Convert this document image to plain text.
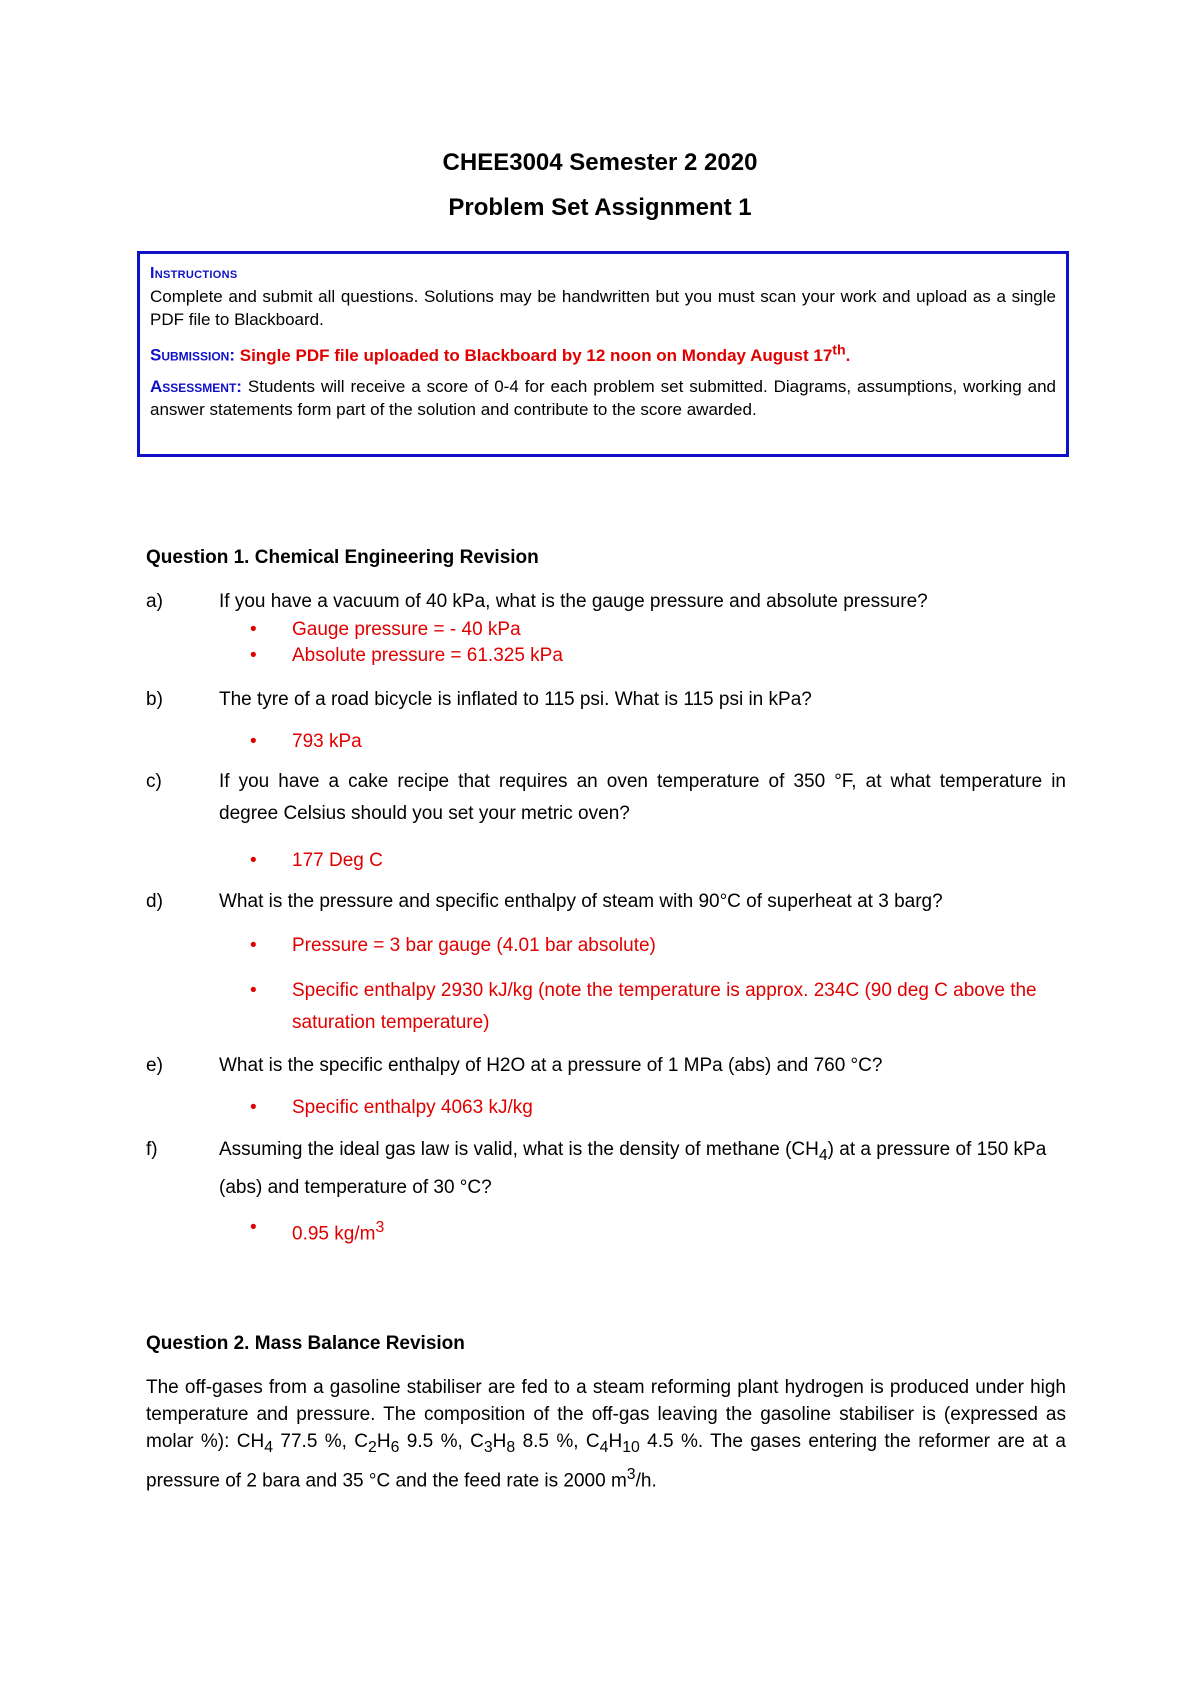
CHEE3004 Semester 2 2020
Problem Set Assignment 1
Instructions

Complete and submit all questions. Solutions may be handwritten but you must scan your work and upload as a single PDF file to Blackboard.

Submission: Single PDF file uploaded to Blackboard by 12 noon on Monday August 17th.

Assessment: Students will receive a score of 0-4 for each problem set submitted. Diagrams, assumptions, working and answer statements form part of the solution and contribute to the score awarded.

Question 1. Chemical Engineering Revision
a)	If you have a vacuum of 40 kPa, what is the gauge pressure and absolute pressure?
• Gauge pressure = - 40 kPa
• Absolute pressure = 61.325 kPa
b)	The tyre of a road bicycle is inflated to 115 psi. What is 115 psi in kPa?
• 793 kPa
c)	If you have a cake recipe that requires an oven temperature of 350 °F, at what temperature in degree Celsius should you set your metric oven?
• 177 Deg C
d)	What is the pressure and specific enthalpy of steam with 90°C of superheat at 3 barg?
• Pressure = 3 bar gauge (4.01 bar absolute)
• Specific enthalpy 2930 kJ/kg (note the temperature is approx. 234C (90 deg C above the saturation temperature)
e)	What is the specific enthalpy of H2O at a pressure of 1 MPa (abs) and 760 °C?
• Specific enthalpy 4063 kJ/kg
f)	Assuming the ideal gas law is valid, what is the density of methane $(CH_4)$ at a pressure of 150 kPa (abs) and temperature of 30 °C?
• 0.95 $kg/m^3$
Question 2. Mass Balance Revision
The off-gases from a gasoline stabiliser are fed to a steam reforming plant hydrogen is produced under high temperature and pressure. The composition of the off-gas leaving the gasoline stabiliser is (expressed as molar %): $CH_4$ 77.5 %, $C_2H_6$ 9.5 %, $C_3H_8$ 8.5 %, $C_4H_{10}$ 4.5 %. The gases entering the reformer are at a pressure of 2 bara and 35 °C and the feed rate is 2000 $m^3/h$.
